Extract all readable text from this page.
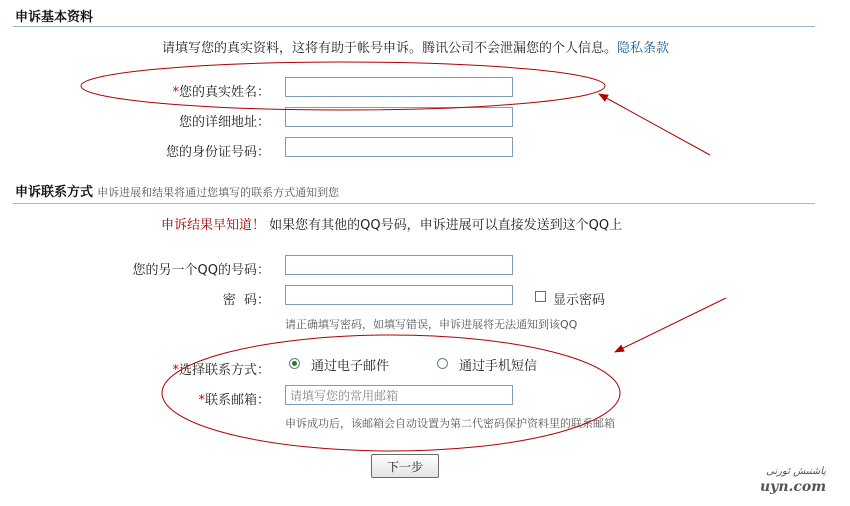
申诉基本资料
请填写您的真实资料，这将有助于帐号申诉。腾讯公司不会泄漏您的个人信息。隐私条款
*您的真实姓名：
您的详细地址：
您的身份证号码：
申诉联系方式 申诉进展和结果将通过您填写的联系方式通知到您
申诉结果早知道！ 如果您有其他的QQ号码，申诉进展可以直接发送到这个QQ上
您的另一个QQ的号码：
密  码：	显示密码
请正确填写密码，如填写错误，申诉进展将无法通知到该QQ
*选择联系方式：	通过电子邮件	通过手机短信
*联系邮箱：
请填写您的常用邮箱
申诉成功后，该邮箱会自动设置为第二代密码保护资料里的联系邮箱
下一步	ياشنىش ئورنى
uyn.com
